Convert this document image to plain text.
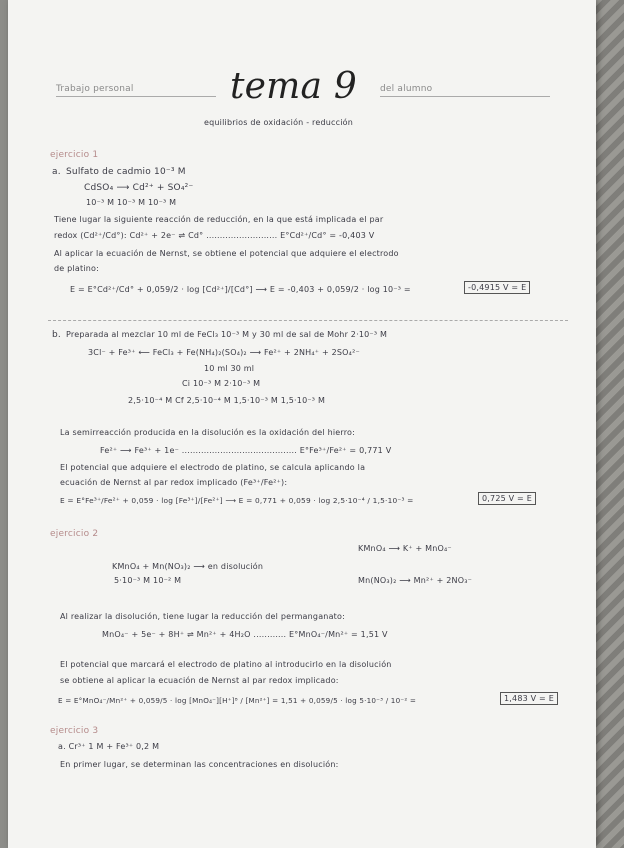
Trabajo personal	tema 9	del alumno
equilibrios de oxidación - reducción
ejercicio 1
a. Sulfato de cadmio 10⁻³ M
CdSO₄ ⟶ Cd²⁺ + SO₄²⁻
10⁻³ M 10⁻³ M 10⁻³ M
Tiene lugar la siguiente reacción de reducción, en la que está implicada el par
redox (Cd²⁺/Cd°): Cd²⁺ + 2e⁻ ⇌ Cd° .......................... E°Cd²⁺/Cd° = -0,403 V
Al aplicar la ecuación de Nernst, se obtiene el potencial que adquiere el electrodo
de platino:
E = E°Cd²⁺/Cd° + 0,059/2 · log [Cd²⁺]/[Cd°] ⟶ E = -0,403 + 0,059/2 · log 10⁻³ =	-0,4915 V = E
b. Preparada al mezclar 10 ml de FeCl₃ 10⁻³ M y 30 ml de sal de Mohr 2·10⁻³ M
3Cl⁻ + Fe³⁺ ⟵ FeCl₃ + Fe(NH₄)₂(SO₄)₂ ⟶ Fe²⁺ + 2NH₄⁺ + 2SO₄²⁻
10 ml 30 ml
Ci 10⁻³ M 2·10⁻³ M
2,5·10⁻⁴ M Cf 2,5·10⁻⁴ M 1,5·10⁻³ M 1,5·10⁻³ M
La semirreacción producida en la disolución es la oxidación del hierro:
Fe²⁺ ⟶ Fe³⁺ + 1e⁻ .......................................... E°Fe³⁺/Fe²⁺ = 0,771 V
El potencial que adquiere el electrodo de platino, se calcula aplicando la
ecuación de Nernst al par redox implicado (Fe³⁺/Fe²⁺):
E = E°Fe³⁺/Fe²⁺ + 0,059 · log [Fe³⁺]/[Fe²⁺] ⟶ E = 0,771 + 0,059 · log 2,5·10⁻⁴ / 1,5·10⁻³ =	0,725 V = E
ejercicio 2
KMnO₄ ⟶ K⁺ + MnO₄⁻
KMnO₄ + Mn(NO₃)₂ ⟶ en disolución
Mn(NO₃)₂ ⟶ Mn²⁺ + 2NO₃⁻
5·10⁻³ M 10⁻² M
Al realizar la disolución, tiene lugar la reducción del permanganato:
MnO₄⁻ + 5e⁻ + 8H⁺ ⇌ Mn²⁺ + 4H₂O ............ E°MnO₄⁻/Mn²⁺ = 1,51 V
El potencial que marcará el electrodo de platino al introducirlo en la disolución
se obtiene al aplicar la ecuación de Nernst al par redox implicado:
E = E°MnO₄⁻/Mn²⁺ + 0,059/5 · log [MnO₄⁻][H⁺]⁸ / [Mn²⁺] = 1,51 + 0,059/5 · log 5·10⁻³ / 10⁻² =	1,483 V = E
ejercicio 3
a. Cr³⁺ 1 M + Fe³⁺ 0,2 M
En primer lugar, se determinan las concentraciones en disolución:
